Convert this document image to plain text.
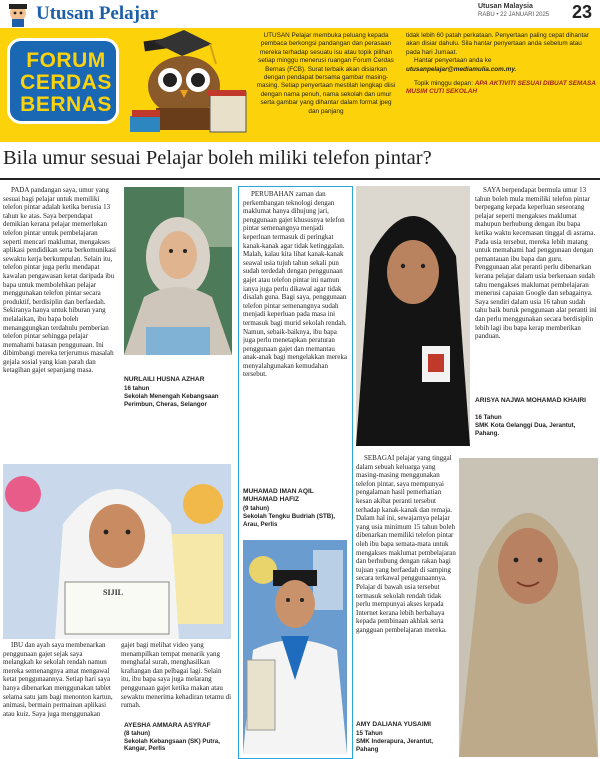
Utusan Pelajar	Utusan Malaysia
RABU • 22 JANUARI 2025 23
FORUM
CERDAS
BERNAS
UTUSAN Pelajar membuka peluang kepada pembaca berkongsi pandangan dan perasaan mereka terhadap sesuatu isu atau topik pilihan setiap minggu menerusi ruangan Forum Cerdas Bernas (FCB). Surat terbaik akan disiarkan dengan pendapat bersama gambar masing-masing. Setiap penyertaan mestilah lengkap diisi dengan nama penuh, nama sekolah dan umur serta gambar yang dihantar dalam format jpeg dan panjang
tidak lebih 60 patah perkataan. Penyertaan paling cepat dihantar akan disiar dahulu. Sila hantar penyertaan anda sebelum atau pada hari Jumaat.
Hantar penyertaan anda ke
utusanpelajar@mediamulia.com.my.
Topik minggu depan: APA AKTIVITI SESUAI DIBUAT SEMASA MUSIM CUTI SEKOLAH
Bila umur sesuai Pelajar boleh miliki telefon pintar?

PADA pandangan saya, umur yang sesuai bagi pelajar untuk memiliki telefon pintar adalah ketika berusia 13 tahun ke atas. Saya berpendapat demikian kerana pelajar memerlukan telefon pintar untuk pembelajaran seperti mencari maklumat, mengakses aplikasi pendidikan serta berkomunikasi sewaktu kerja berkumpulan. Selain itu, telefon pintar juga perlu mendapat kawalan pengawasan ketat daripada ibu bapa untuk membolehkan pelajar menggunakan telefon pintar secara produktif, berdisiplin dan berfaedah. Sekiranya hanya untuk hiburan yang melalaikan, ibu bapa boleh menanggungkan terdahulu pemberian telefon pintar sehingga pelajar memahami batasan penggunaan. Ini dibimbangi mereka terjerumus masalah gejala sosial yang kian parah dan ketagihan gajet sepanjang masa.

NURLAILI HUSNA AZHAR
16 tahun
Sekolah Menengah Kebangsaan Perimbun, Cheras, Selangor

PERUBAHAN zaman dan perkembangan teknologi dengan maklumat hanya dihujung jari, penggunaan gajet khususnya telefon pintar semenangnya menjadi keperluan termasuk di peringkat kanak-kanak agar tidak ketinggalan. Malah, kalau kita lihat kanak-kanak seawal usia tujuh tahun sekali pun sudah terdedah dengan penggunaan gajet atau telefon pintar ini namun ianya juga perlu dikawal agar tidak disalah guna. Bagi saya, penggunaan telefon pintar semenangnya sudah menjadi keperluan pada masa ini termasuk bagi murid sekolah rendah. Namun, sebaik-baiknya, ibu bapa juga perlu menetapkan peraturan penggunaan gajet dan memantau anak-anak bagi mengelakkan mereka menyalahgunakan kemudahan tersebut.

MUHAMAD IMAN AQIL MUHAMAD HAFIZ
(9 tahun)
Sekolah Tengku Budriah (STB), Arau, Perlis

SAYA berpendapat bermula umur 13 tahun boleh mula memiliki telefon pintar berpegang kepada keperluan seseorang pelajar seperti mengakses maklumat mahupun berhubung dengan ibu bapa ketika waktu kecemasan tinggal di asrama. Pada usia tersebut, mereka lebih matang untuk memahami had penggunaan dengan pemantauan ibu bapa dan guru. Penggunaan alat peranti perlu dibenarkan kerana pelajar dalam usia berkenaan sudah tahu mengakses maklumat pembelajaran menerusi capaian Google dan sebagainya. Saya sendiri dalam usia 16 tahun sudah tahu baik buruk penggunaan alat peranti ini dan perlu menggunakan secara berdisiplin lebih lagi ibu bapa kerap memberikan panduan.

ARISYA NAJWA MOHAMAD KHAIRI
16 Tahun
SMK Kota Gelanggi Dua, Jerantut, Pahang.
SIJIL

IBU dan ayah saya membenarkan penggunaan gajet sejak saya melangkah ke sekolah rendah namun mereka semenangnya amat mengawal ketat penggunaannya. Setiap hari saya hanya dibenarkan menggunakan tablet selama satu jam bagi menonton kartun, animasi, bermain permainan aplikasi atau kuiz. Saya juga menggunakan gajet bagi melihat video yang menampilkan tempat menarik yang menghafal surah, menghasilkan kraftangan dan pelbagai lagi. Selain itu, ibu bapa saya juga melarang penggunaan gajet ketika makan atau sewaktu menerima kehadiran tetamu di rumah.

AYESHA AMMARA ASYRAF
(8 tahun)
Sekolah Kebangsaan (SK) Putra, Kangar, Perlis

SEBAGAI pelajar yang tinggal dalam sebuah keluarga yang masing-masing menggunakan telefon pintar, saya mempunyai pengalaman hasil pemerhatian kesan akibat peranti tersebut terhadap kanak-kanak dan remaja. Dalam hal ini, sewajarnya pelajar yang usia minimum 15 tahun boleh dibenarkan memiliki telefon pintar oleh ibu bapa semata-mata untuk mengakses maklumat pembelajaran dan berhubung dengan rakan bagi tujuan yang berfaedah di samping secara terkawal penggunaannya. Pelajar di bawah usia tersebut termasuk sekolah rendah tidak perlu mempunyai akses kepada Internet kerana lebih berbahaya kepada pembinaan akhlak serta gangguan pembelajaran mereka.

AMY DALIANA YUSAIMI
15 Tahun
SMK Inderapura, Jerantut, Pahang
